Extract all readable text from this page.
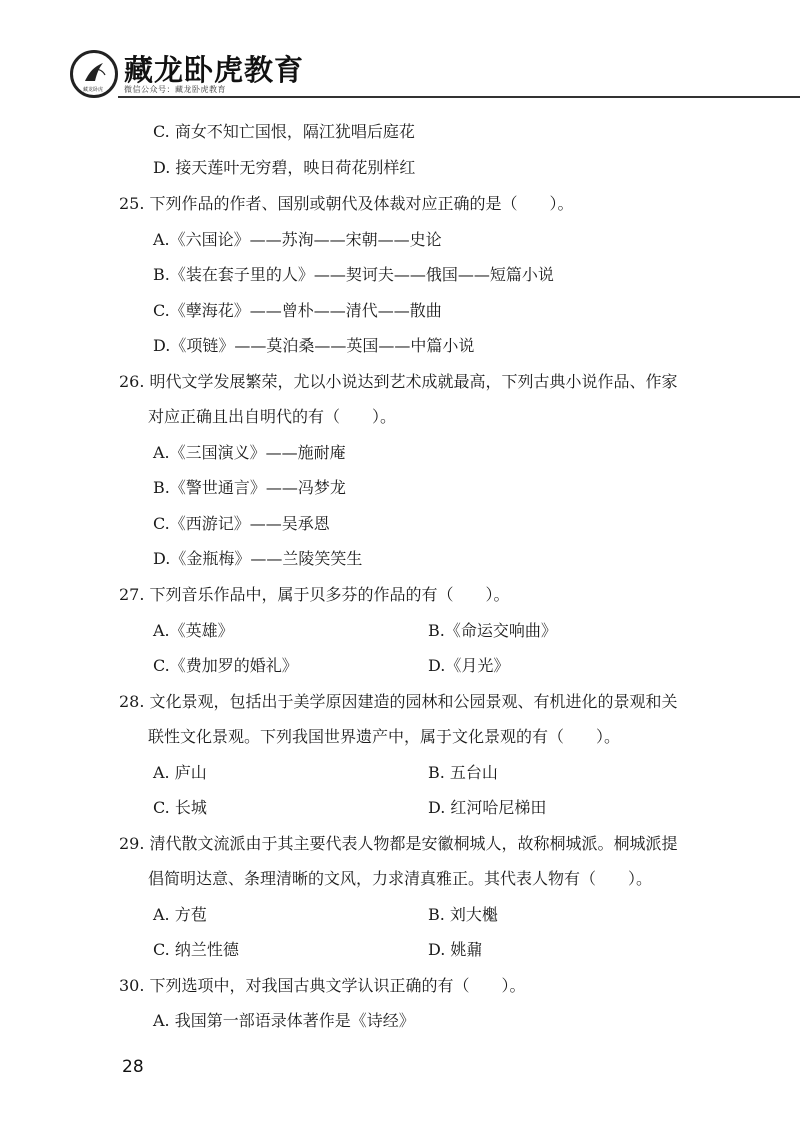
藏龙卧虎
藏龙卧虎教育
微信公众号：藏龙卧虎教育
C. 商女不知亡国恨，隔江犹唱后庭花
D. 接天莲叶无穷碧，映日荷花别样红
25. 下列作品的作者、国别或朝代及体裁对应正确的是（　　）。
A.《六国论》——苏洵——宋朝——史论
B.《装在套子里的人》——契诃夫——俄国——短篇小说
C.《孽海花》——曾朴——清代——散曲
D.《项链》——莫泊桑——英国——中篇小说
26. 明代文学发展繁荣，尤以小说达到艺术成就最高，下列古典小说作品、作家
对应正确且出自明代的有（　　）。
A.《三国演义》——施耐庵
B.《警世通言》——冯梦龙
C.《西游记》——吴承恩
D.《金瓶梅》——兰陵笑笑生
27. 下列音乐作品中，属于贝多芬的作品的有（　　）。
A.《英雄》	B.《命运交响曲》
C.《费加罗的婚礼》	D.《月光》
28. 文化景观，包括出于美学原因建造的园林和公园景观、有机进化的景观和关
联性文化景观。下列我国世界遗产中，属于文化景观的有（　　）。
A. 庐山	B. 五台山
C. 长城	D. 红河哈尼梯田
29. 清代散文流派由于其主要代表人物都是安徽桐城人，故称桐城派。桐城派提
倡简明达意、条理清晰的文风，力求清真雅正。其代表人物有（　　）。
A. 方苞	B. 刘大櫆
C. 纳兰性德	D. 姚鼐
30. 下列选项中，对我国古典文学认识正确的有（　　）。
A. 我国第一部语录体著作是《诗经》
28
